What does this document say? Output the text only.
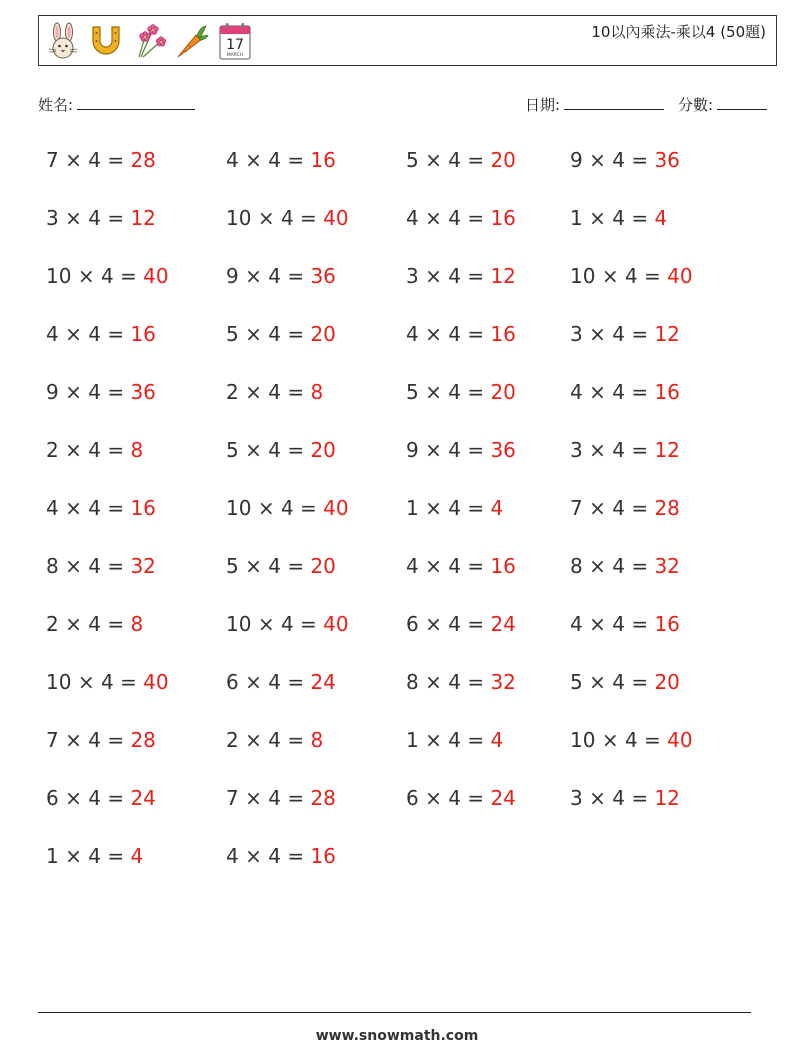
17
MARCH
10以內乘法-乘以4 (50題)
姓名:	日期:	分數:
7 × 4 = 28	4 × 4 = 16	5 × 4 = 20	9 × 4 = 36
3 × 4 = 12	10 × 4 = 40	4 × 4 = 16	1 × 4 = 4
10 × 4 = 40	9 × 4 = 36	3 × 4 = 12	10 × 4 = 40
4 × 4 = 16	5 × 4 = 20	4 × 4 = 16	3 × 4 = 12
9 × 4 = 36	2 × 4 = 8	5 × 4 = 20	4 × 4 = 16
2 × 4 = 8	5 × 4 = 20	9 × 4 = 36	3 × 4 = 12
4 × 4 = 16	10 × 4 = 40	1 × 4 = 4	7 × 4 = 28
8 × 4 = 32	5 × 4 = 20	4 × 4 = 16	8 × 4 = 32
2 × 4 = 8	10 × 4 = 40	6 × 4 = 24	4 × 4 = 16
10 × 4 = 40	6 × 4 = 24	8 × 4 = 32	5 × 4 = 20
7 × 4 = 28	2 × 4 = 8	1 × 4 = 4	10 × 4 = 40
6 × 4 = 24	7 × 4 = 28	6 × 4 = 24	3 × 4 = 12
1 × 4 = 4	4 × 4 = 16
www.snowmath.com
